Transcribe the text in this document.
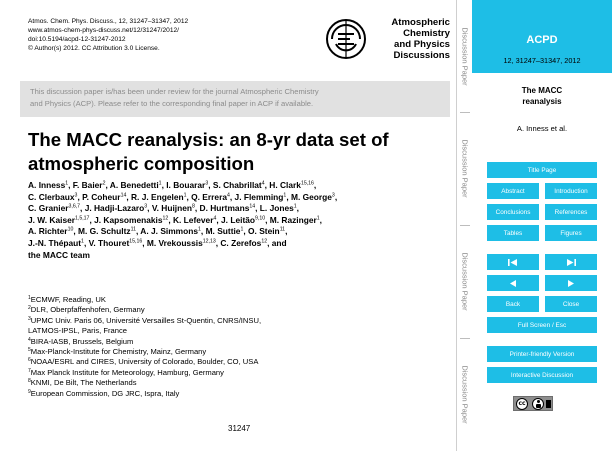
Atmos. Chem. Phys. Discuss., 12, 31247–31347, 2012
www.atmos-chem-phys-discuss.net/12/31247/2012/
doi:10.5194/acpd-12-31247-2012
© Author(s) 2012. CC Attribution 3.0 License.
Atmospheric
Chemistry
and Physics
Discussions
This discussion paper is/has been under review for the journal Atmospheric Chemistry
and Physics (ACP). Please refer to the corresponding final paper in ACP if available.
The MACC reanalysis: an 8-yr data set of
atmospheric composition
A. Inness$^1$, F. Baier$^2$, A. Benedetti$^1$, I. Bouarar$^3$, S. Chabrillat$^4$, H. Clark$^{15,16}$,
C. Clerbaux$^3$, P. Coheur$^{14}$, R. J. Engelen$^1$, Q. Errera$^4$, J. Flemming$^1$, M. George$^3$,
C. Granier$^{3,6,7}$, J. Hadji-Lazaro$^3$, V. Huijnen$^8$, D. Hurtmans$^{14}$, L. Jones$^1$,
J. W. Kaiser$^{1,5,17}$, J. Kapsomenakis$^{12}$, K. Lefever$^4$, J. Leitão$^{9,10}$, M. Razinger$^1$,
A. Richter$^{10}$, M. G. Schultz$^{11}$, A. J. Simmons$^1$, M. Suttie$^1$, O. Stein$^{11}$,
J.-N. Thépaut$^1$, V. Thouret$^{15,16}$, M. Vrekoussis$^{12,13}$, C. Zerefos$^{12}$, and
the MACC team
$^1$ECMWF, Reading, UK
$^2$DLR, Oberpfaffenhofen, Germany
$^3$UPMC Univ. Paris 06, Université Versailles St-Quentin, CNRS/INSU,
LATMOS-IPSL, Paris, France
$^4$BIRA-IASB, Brussels, Belgium
$^5$Max-Planck-Institute for Chemistry, Mainz, Germany
$^6$NOAA/ESRL and CIRES, University of Colorado, Boulder, CO, USA
$^7$Max Planck Institute for Meteorology, Hamburg, Germany
$^8$KNMI, De Bilt, The Netherlands
$^9$European Commission, DG JRC, Ispra, Italy
31247
Discussion Paper
Discussion Paper
Discussion Paper
Discussion Paper
ACPD
12, 31247–31347, 2012
The MACC
reanalysis
A. Inness et al.
Title Page
Abstract	Introduction
Conclusions	References
Tables	Figures
Back	Close
Full Screen / Esc
Printer-friendly Version
Interactive Discussion
cc
